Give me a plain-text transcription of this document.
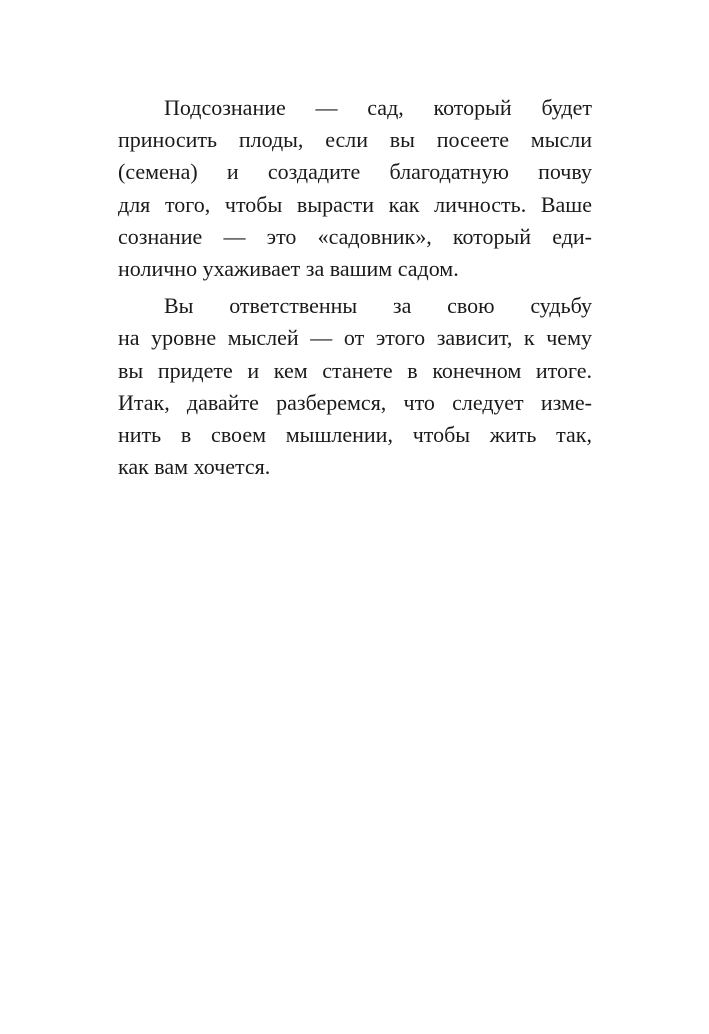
Подсознание — сад, который будет
приносить плоды, если вы посеете мысли
(семена) и создадите благодатную почву
для того, чтобы вырасти как личность. Ваше
сознание — это «садовник», который еди-
нолично ухаживает за вашим садом.
Вы ответственны за свою судьбу
на уровне мыслей — от этого зависит, к чему
вы придете и кем станете в конечном итоге.
Итак, давайте разберемся, что следует изме-
нить в своем мышлении, чтобы жить так,
как вам хочется.
